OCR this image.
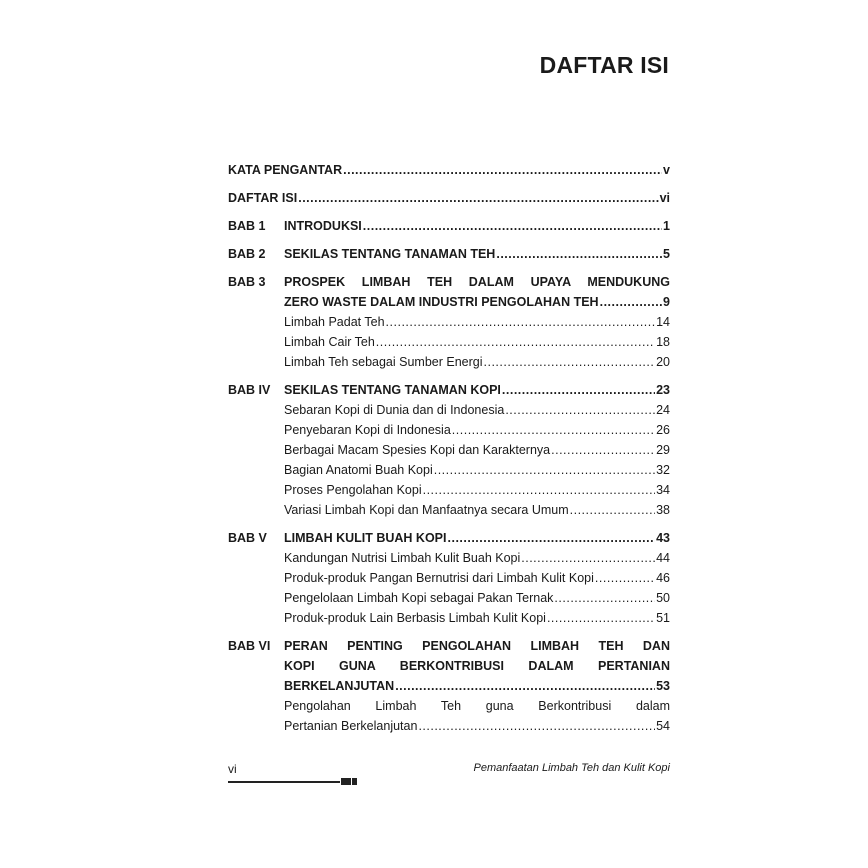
DAFTAR ISI
KATA PENGANTAR .....	v
DAFTAR ISI .....	vi
BAB 1	INTRODUKSI .....	1
BAB 2	SEKILAS TENTANG TANAMAN TEH .....	5
BAB 3	PROSPEK LIMBAH TEH DALAM UPAYA MENDUKUNG
ZERO WASTE DALAM INDUSTRI PENGOLAHAN TEH .....	9
Limbah Padat Teh .....	14
Limbah Cair Teh .....	18
Limbah Teh sebagai Sumber Energi .....	20
BAB IV	SEKILAS TENTANG TANAMAN KOPI .....	23
Sebaran Kopi di Dunia dan di Indonesia .....	24
Penyebaran Kopi di Indonesia .....	26
Berbagai Macam Spesies Kopi dan Karakternya .....	29
Bagian Anatomi Buah Kopi .....	32
Proses Pengolahan Kopi .....	34
Variasi Limbah Kopi dan Manfaatnya secara Umum .....	38
BAB V	LIMBAH KULIT BUAH KOPI .....	43
Kandungan Nutrisi Limbah Kulit Buah Kopi .....	44
Produk-produk Pangan Bernutrisi dari Limbah Kulit Kopi .....	46
Pengelolaan Limbah Kopi sebagai Pakan Ternak .....	50
Produk-produk Lain Berbasis Limbah Kulit Kopi .....	51
BAB VI	PERAN PENTING PENGOLAHAN LIMBAH TEH DAN
KOPI GUNA BERKONTRIBUSI DALAM PERTANIAN
BERKELANJUTAN .....	53
Pengolahan Limbah Teh guna Berkontribusi dalam
Pertanian Berkelanjutan .....	54
vi	Pemanfaatan Limbah Teh dan Kulit Kopi
